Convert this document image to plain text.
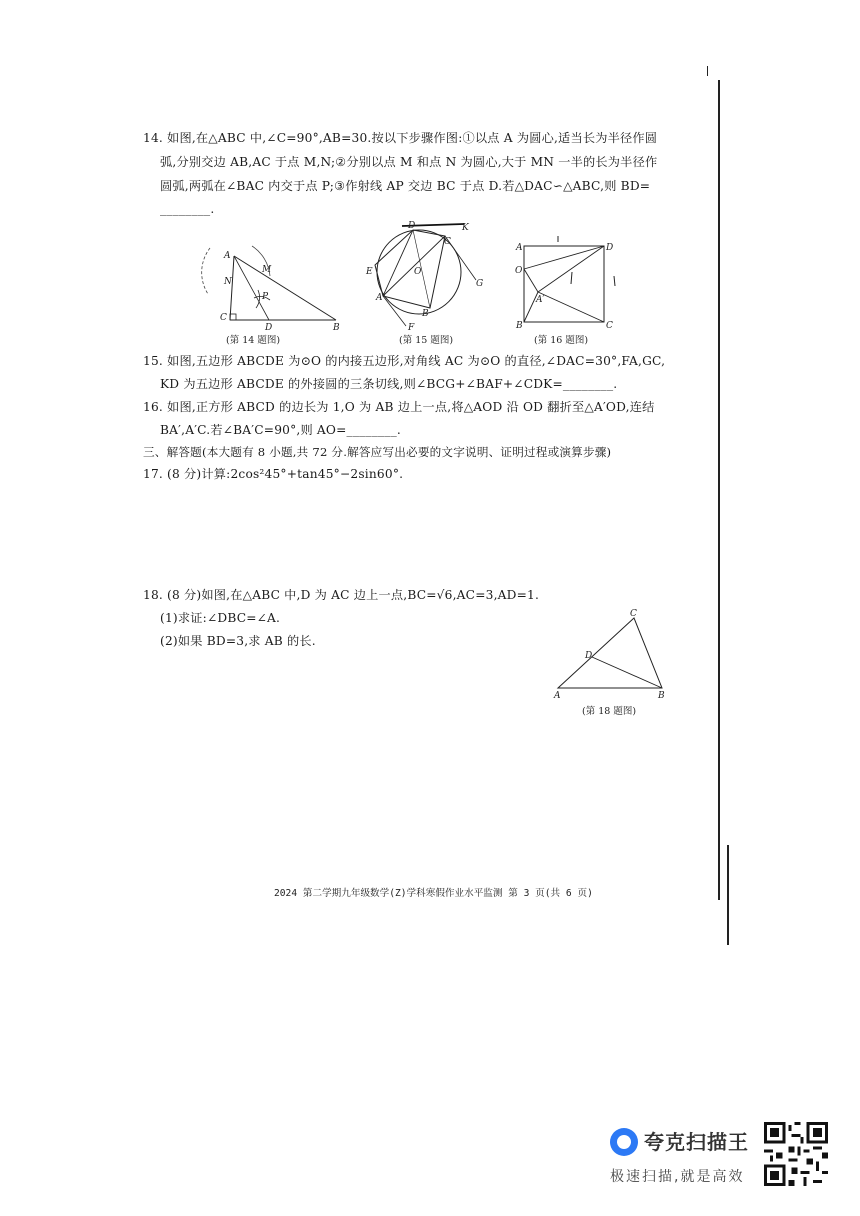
14. 如图,在△ABC 中,∠C=90°,AB=30.按以下步骤作图:①以点 A 为圆心,适当长为半径作圆
弧,分别交边 AB,AC 于点 M,N;②分别以点 M 和点 N 为圆心,大于 MN 一半的长为半径作
圆弧,两弧在∠BAC 内交于点 P;③作射线 AP 交边 BC 于点 D.若△DAC∽△ABC,则 BD=
________.
A
M
N
P
C
D	B
(第 14 题图)
D	K
C
E	O
G
A
B
F
(第 15 题图)
A	D
O
A′
B	C
(第 16 题图)
15. 如图,五边形 ABCDE 为⊙O 的内接五边形,对角线 AC 为⊙O 的直径,∠DAC=30°,FA,GC,
KD 为五边形 ABCDE 的外接圆的三条切线,则∠BCG+∠BAF+∠CDK=________.
16. 如图,正方形 ABCD 的边长为 1,O 为 AB 边上一点,将△AOD 沿 OD 翻折至△A′OD,连结
BA′,A′C.若∠BA′C=90°,则 AO=________.
三、解答题(本大题有 8 小题,共 72 分.解答应写出必要的文字说明、证明过程或演算步骤)
17. (8 分)计算:2cos²45°+tan45°−2sin60°.
18. (8 分)如图,在△ABC 中,D 为 AC 边上一点,BC=√6,AC=3,AD=1.
(1)求证:∠DBC=∠A.
(2)如果 BD=3,求 AB 的长.
C
D
A	B
(第 18 题图)
2024 第二学期九年级数学(Z)学科寒假作业水平监测 第 3 页(共 6 页)
夸克扫描王
极速扫描,就是高效
